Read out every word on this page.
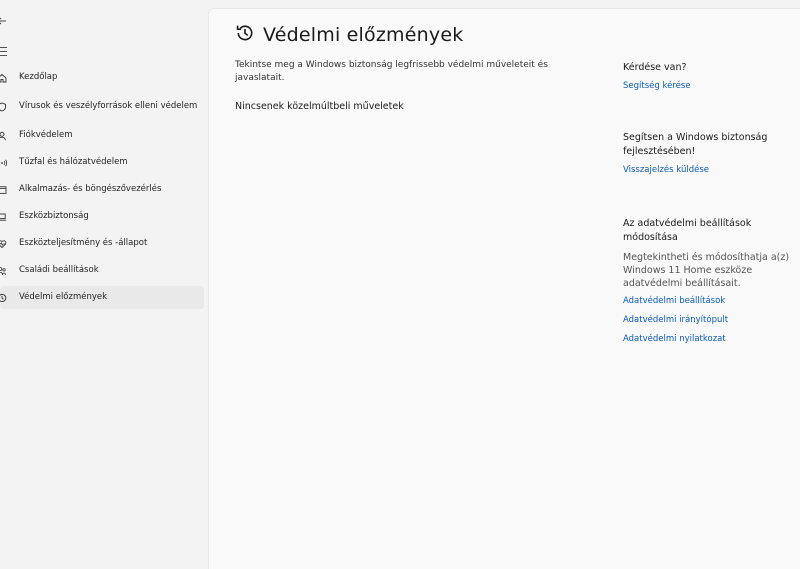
Kezdőlap
Vírusok és veszélyforrások elleni védelem
Fiókvédelem
Tűzfal és hálózatvédelem
Alkalmazás- és böngészővezérlés
Eszközbiztonság
Eszközteljesítmény és -állapot
Családi beállítások
Védelmi előzmények
Védelmi előzmények
Tekintse meg a Windows biztonság legfrissebb védelmi műveleteit és javaslatait.
Nincsenek közelmúltbeli műveletek
Kérdése van?
Segítség kérése
Segítsen a Windows biztonság fejlesztésében!
Visszajelzés küldése
Az adatvédelmi beállítások módosítása

Megtekintheti és módosíthatja a(z) Windows 11 Home eszköze adatvédelmi beállításait.

Adatvédelmi beállítások
Adatvédelmi irányítópult
Adatvédelmi nyilatkozat
